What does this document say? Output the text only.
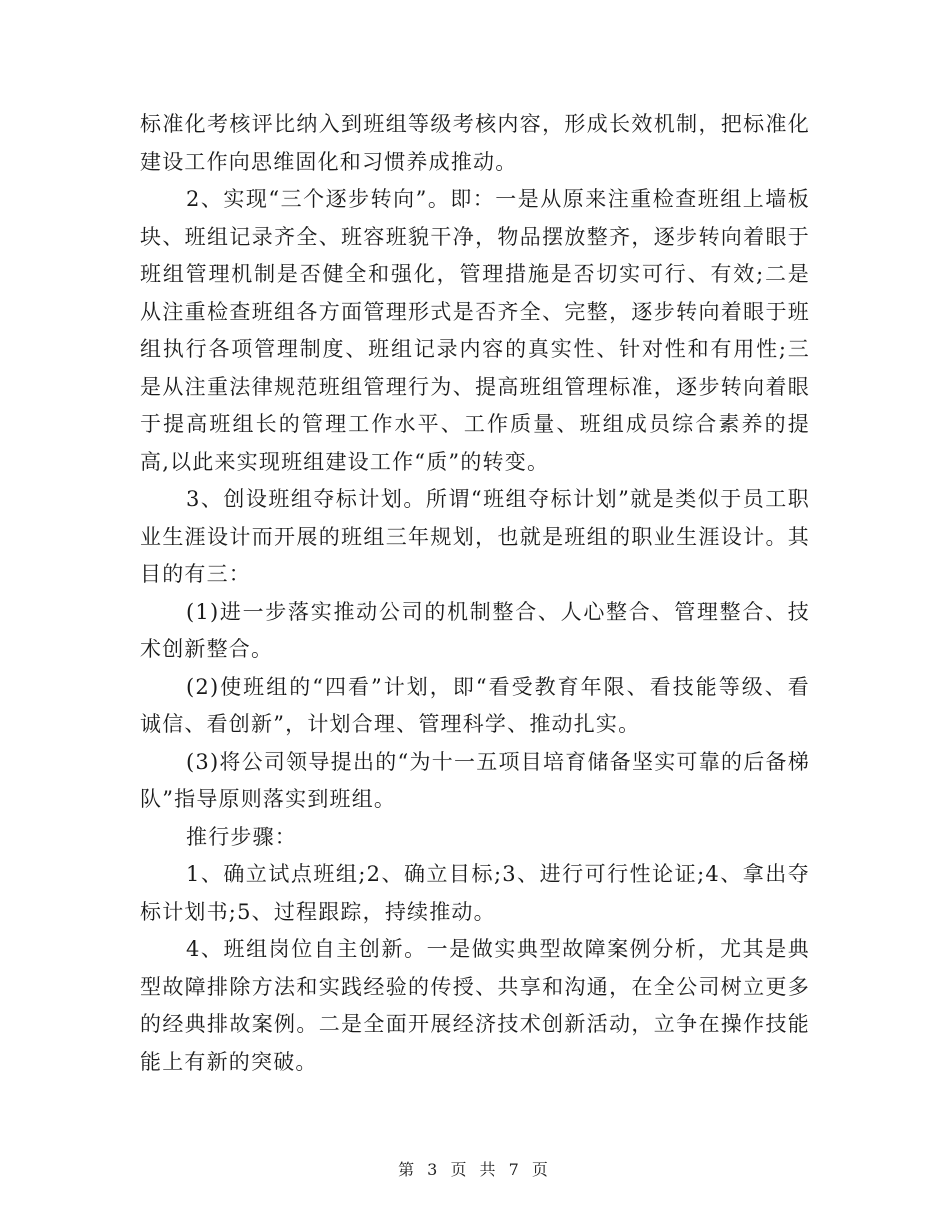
标准化考核评比纳入到班组等级考核内容，形成长效机制，把标准化建设工作向思维固化和习惯养成推动。

2、实现“三个逐步转向”。即：一是从原来注重检查班组上墙板块、班组记录齐全、班容班貌干净，物品摆放整齐，逐步转向着眼于班组管理机制是否健全和强化，管理措施是否切实可行、有效;二是从注重检查班组各方面管理形式是否齐全、完整，逐步转向着眼于班组执行各项管理制度、班组记录内容的真实性、针对性和有用性;三是从注重法律规范班组管理行为、提高班组管理标准，逐步转向着眼于提高班组长的管理工作水平、工作质量、班组成员综合素养的提高,以此来实现班组建设工作“质”的转变。

3、创设班组夺标计划。所谓“班组夺标计划”就是类似于员工职业生涯设计而开展的班组三年规划，也就是班组的职业生涯设计。其目的有三：

(1)进一步落实推动公司的机制整合、人心整合、管理整合、技术创新整合。

(2)使班组的“四看”计划，即“看受教育年限、看技能等级、看诚信、看创新”，计划合理、管理科学、推动扎实。

(3)将公司领导提出的“为十一五项目培育储备坚实可靠的后备梯队”指导原则落实到班组。

推行步骤：

1、确立试点班组;2、确立目标;3、进行可行性论证;4、拿出夺标计划书;5、过程跟踪，持续推动。

4、班组岗位自主创新。一是做实典型故障案例分析，尤其是典型故障排除方法和实践经验的传授、共享和沟通，在全公司树立更多的经典排故案例。二是全面开展经济技术创新活动，立争在操作技能能上有新的突破。

第 3 页 共 7 页
